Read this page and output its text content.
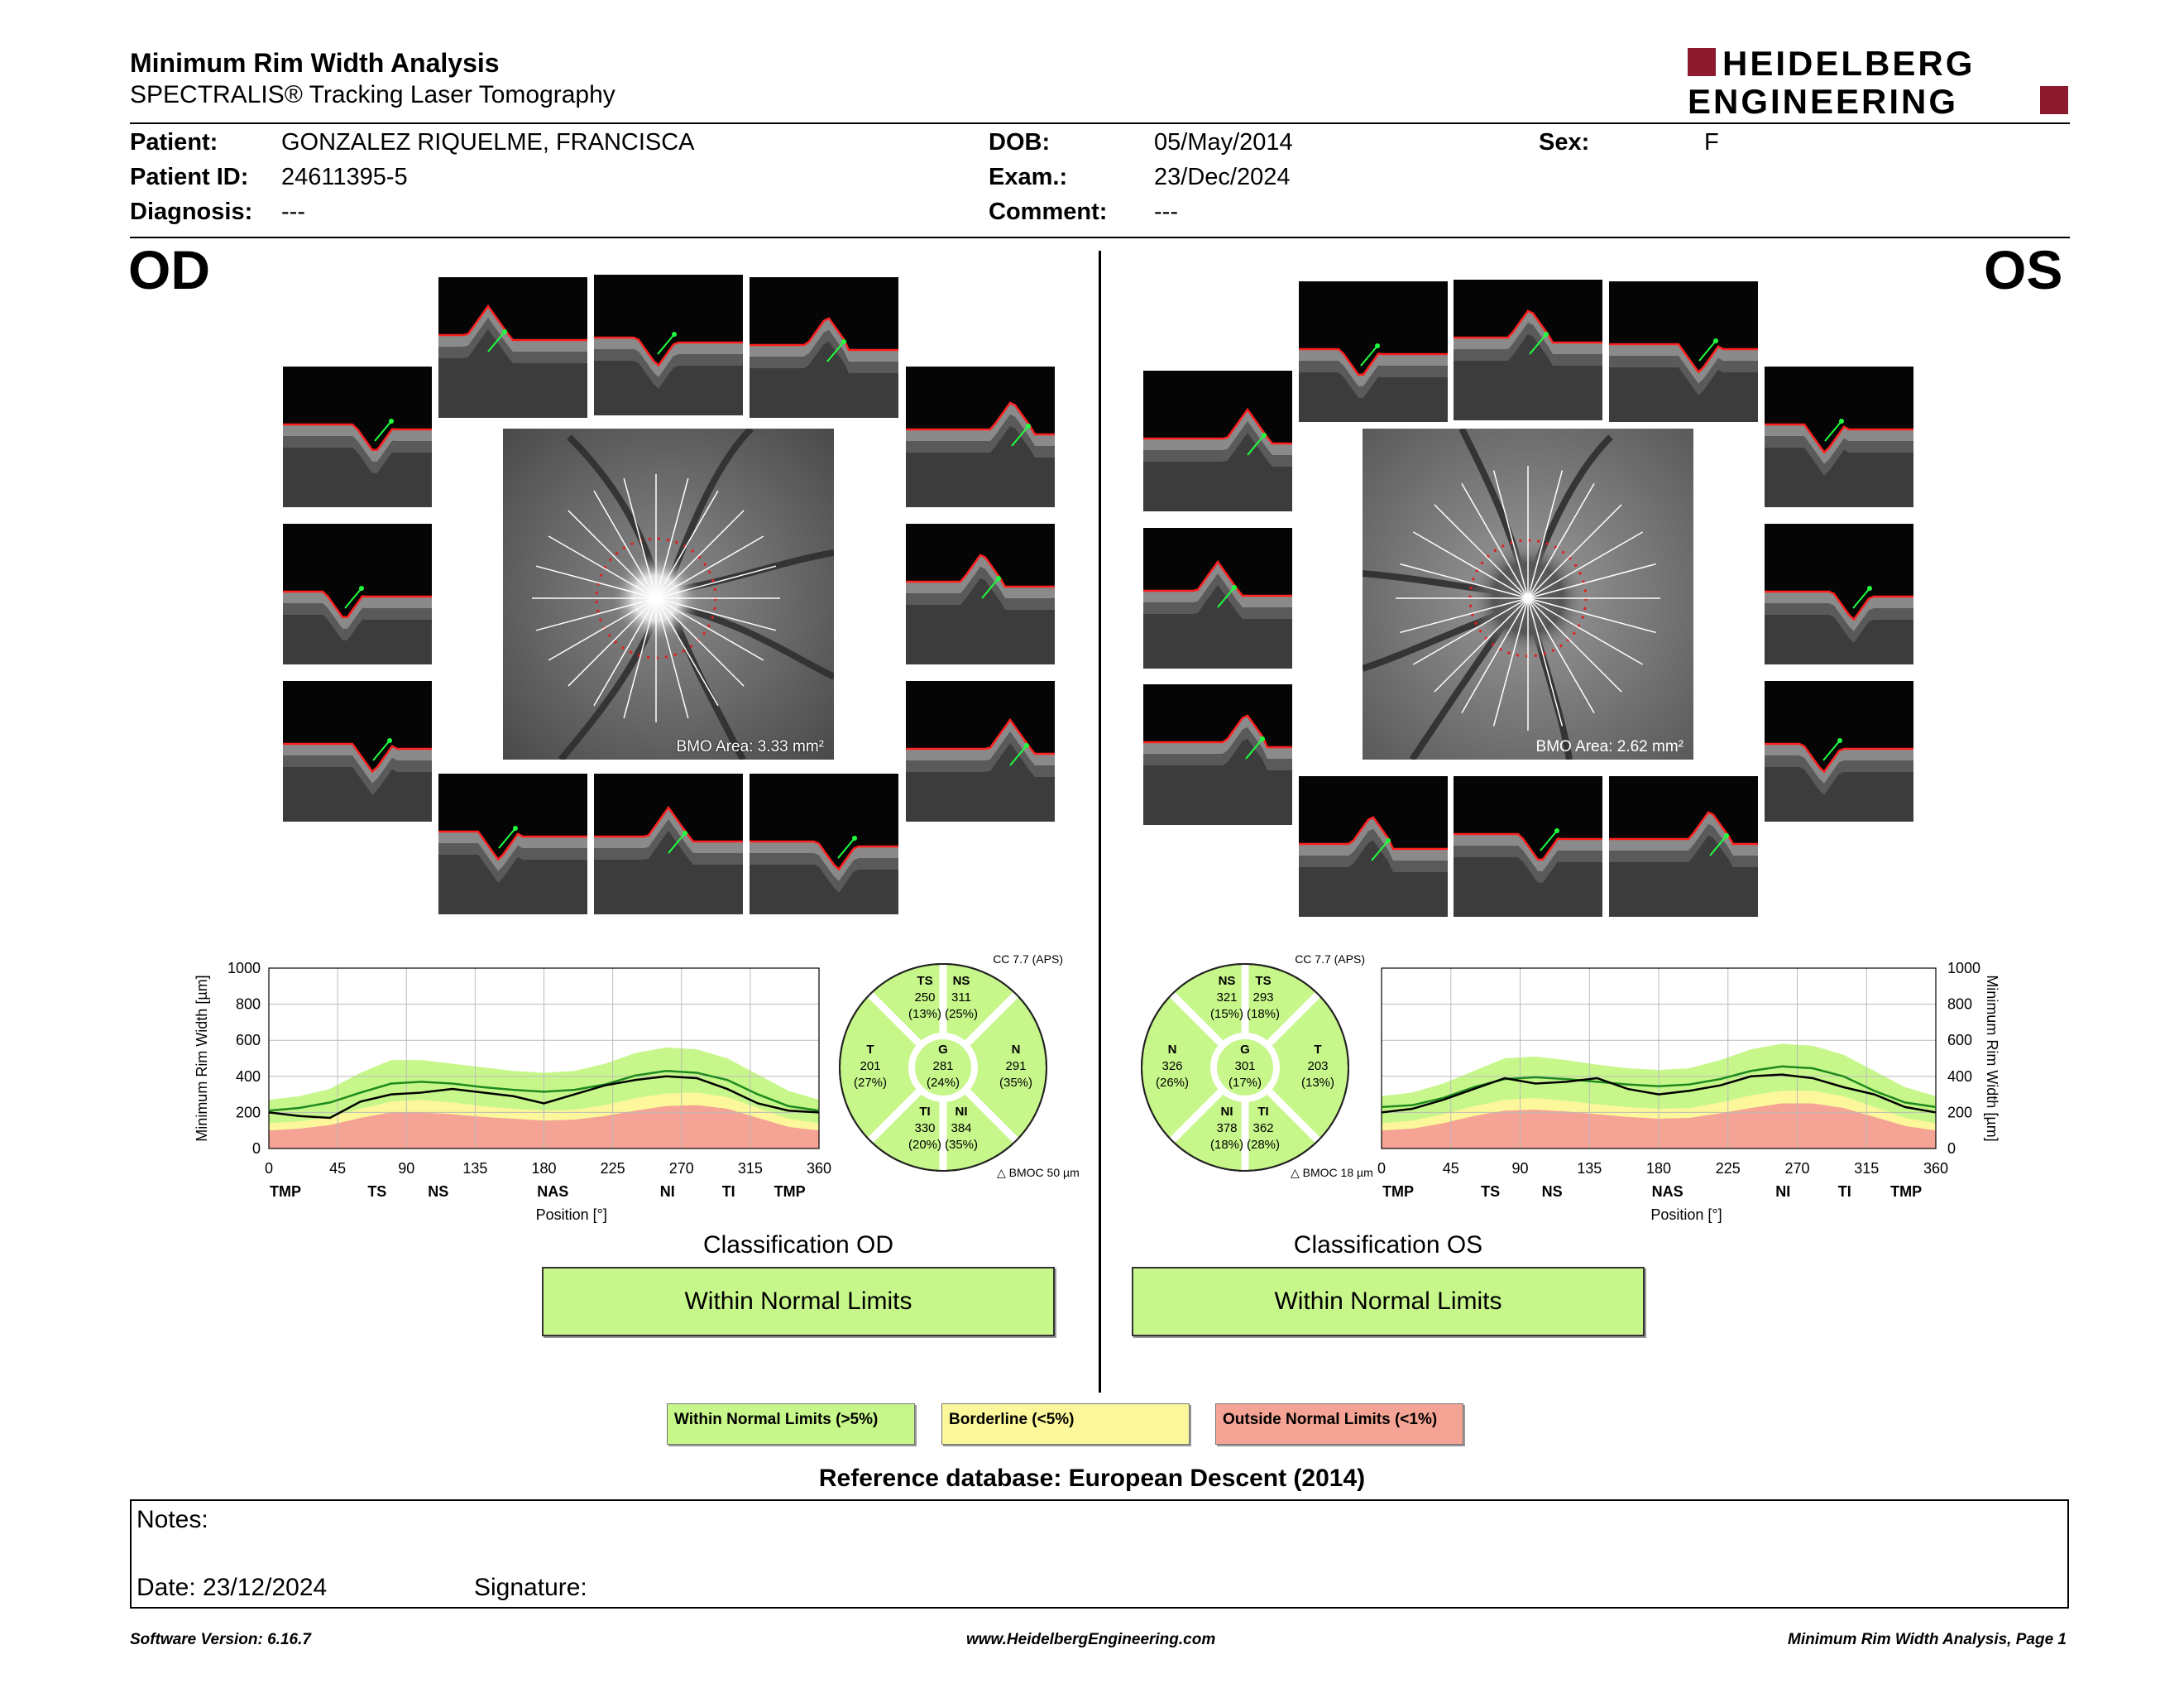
Minimum Rim Width Analysis
SPECTRALIS® Tracking Laser Tomography
HEIDELBERG
ENGINEERING
Patient:	GONZALEZ RIQUELME, FRANCISCA
Patient ID: 24611395-5
Diagnosis: ---
DOB:	05/May/2014
Exam.:	23/Dec/2024
Comment: ---
Sex:	F
OD	OS
BMO Area: 3.33 mm²	BMO Area: 2.62 mm²
0	45	90	135	180	225	270	315	360
0
200
400
600
800
1000
TMP	TS	NS	NAS	NI	TI	TMP
Position [°]
Minimum Rim Width [µm]
0	45	90	135	180	225	270	315	360
0
200
400
600
800
1000
TMP	TS	NS	NAS	NI	TI	TMP
Position [°]
Minimum Rim Width [µm]
CC 7.7 (APS)
TS
250
(13%)
NS
311
(25%)
T
201
(27%)
G
281
(24%)
N
291
(35%)
TI
330
(20%)
NI
384
(35%)
△ BMOC 50 µm
CC 7.7 (APS)
NS
321
(15%)
TS
293
(18%)
N
326
(26%)
G
301
(17%)
T
203
(13%)
NI
378
(18%)
TI
362
(28%)
△ BMOC 18 µm
Classification OD
Within Normal Limits
Classification OS
Within Normal Limits
Within Normal Limits (>5%)	Borderline (<5%)	Outside Normal Limits (<1%)
Reference database: European Descent (2014)
Notes:
Date: 23/12/2024	Signature:
Software Version: 6.16.7	www.HeidelbergEngineering.com	Minimum Rim Width Analysis, Page 1
